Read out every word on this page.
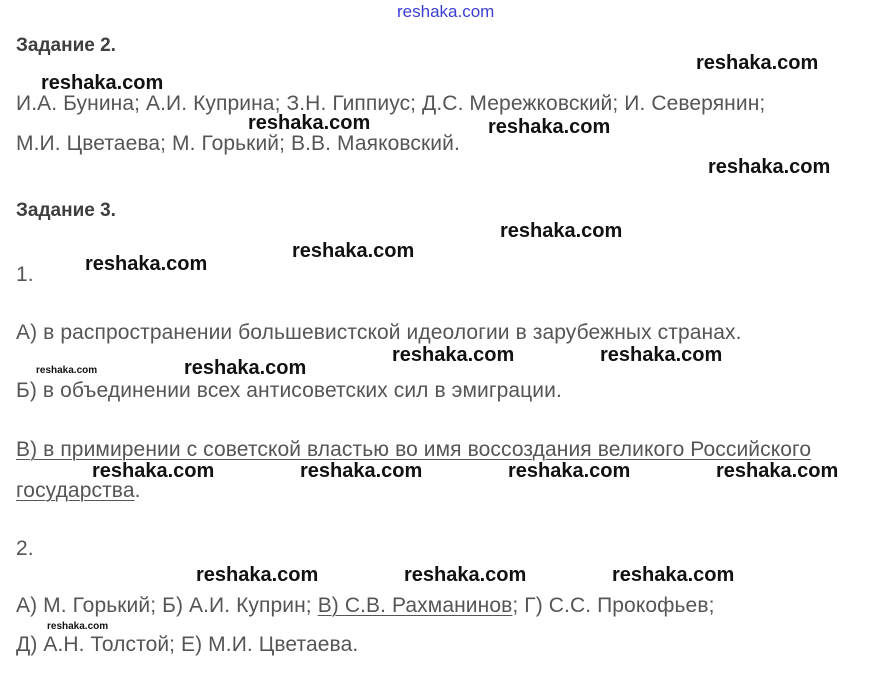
reshaka.com
Задание 2.
И.А. Бунина; А.И. Куприна; З.Н. Гиппиус; Д.С. Мережковский; И. Северянин;
М.И. Цветаева; М. Горький; В.В. Маяковский.
Задание 3.
1.
А) в распространении большевистской идеологии в зарубежных странах.
Б) в объединении всех антисоветских сил в эмиграции.
В) в примирении с советской властью во имя воссоздания великого Российского
государства.
2.
А) М. Горький; Б) А.И. Куприн; В) С.В. Рахманинов; Г) С.С. Прокофьев;
Д) А.Н. Толстой; Е) М.И. Цветаева.
reshaka.com
reshaka.com
reshaka.com	reshaka.com
reshaka.com
reshaka.com
reshaka.com
reshaka.com
reshaka.com	reshaka.com
reshaka.com
reshaka.com
reshaka.com	reshaka.com	reshaka.com	reshaka.com
reshaka.com	reshaka.com	reshaka.com
reshaka.com
